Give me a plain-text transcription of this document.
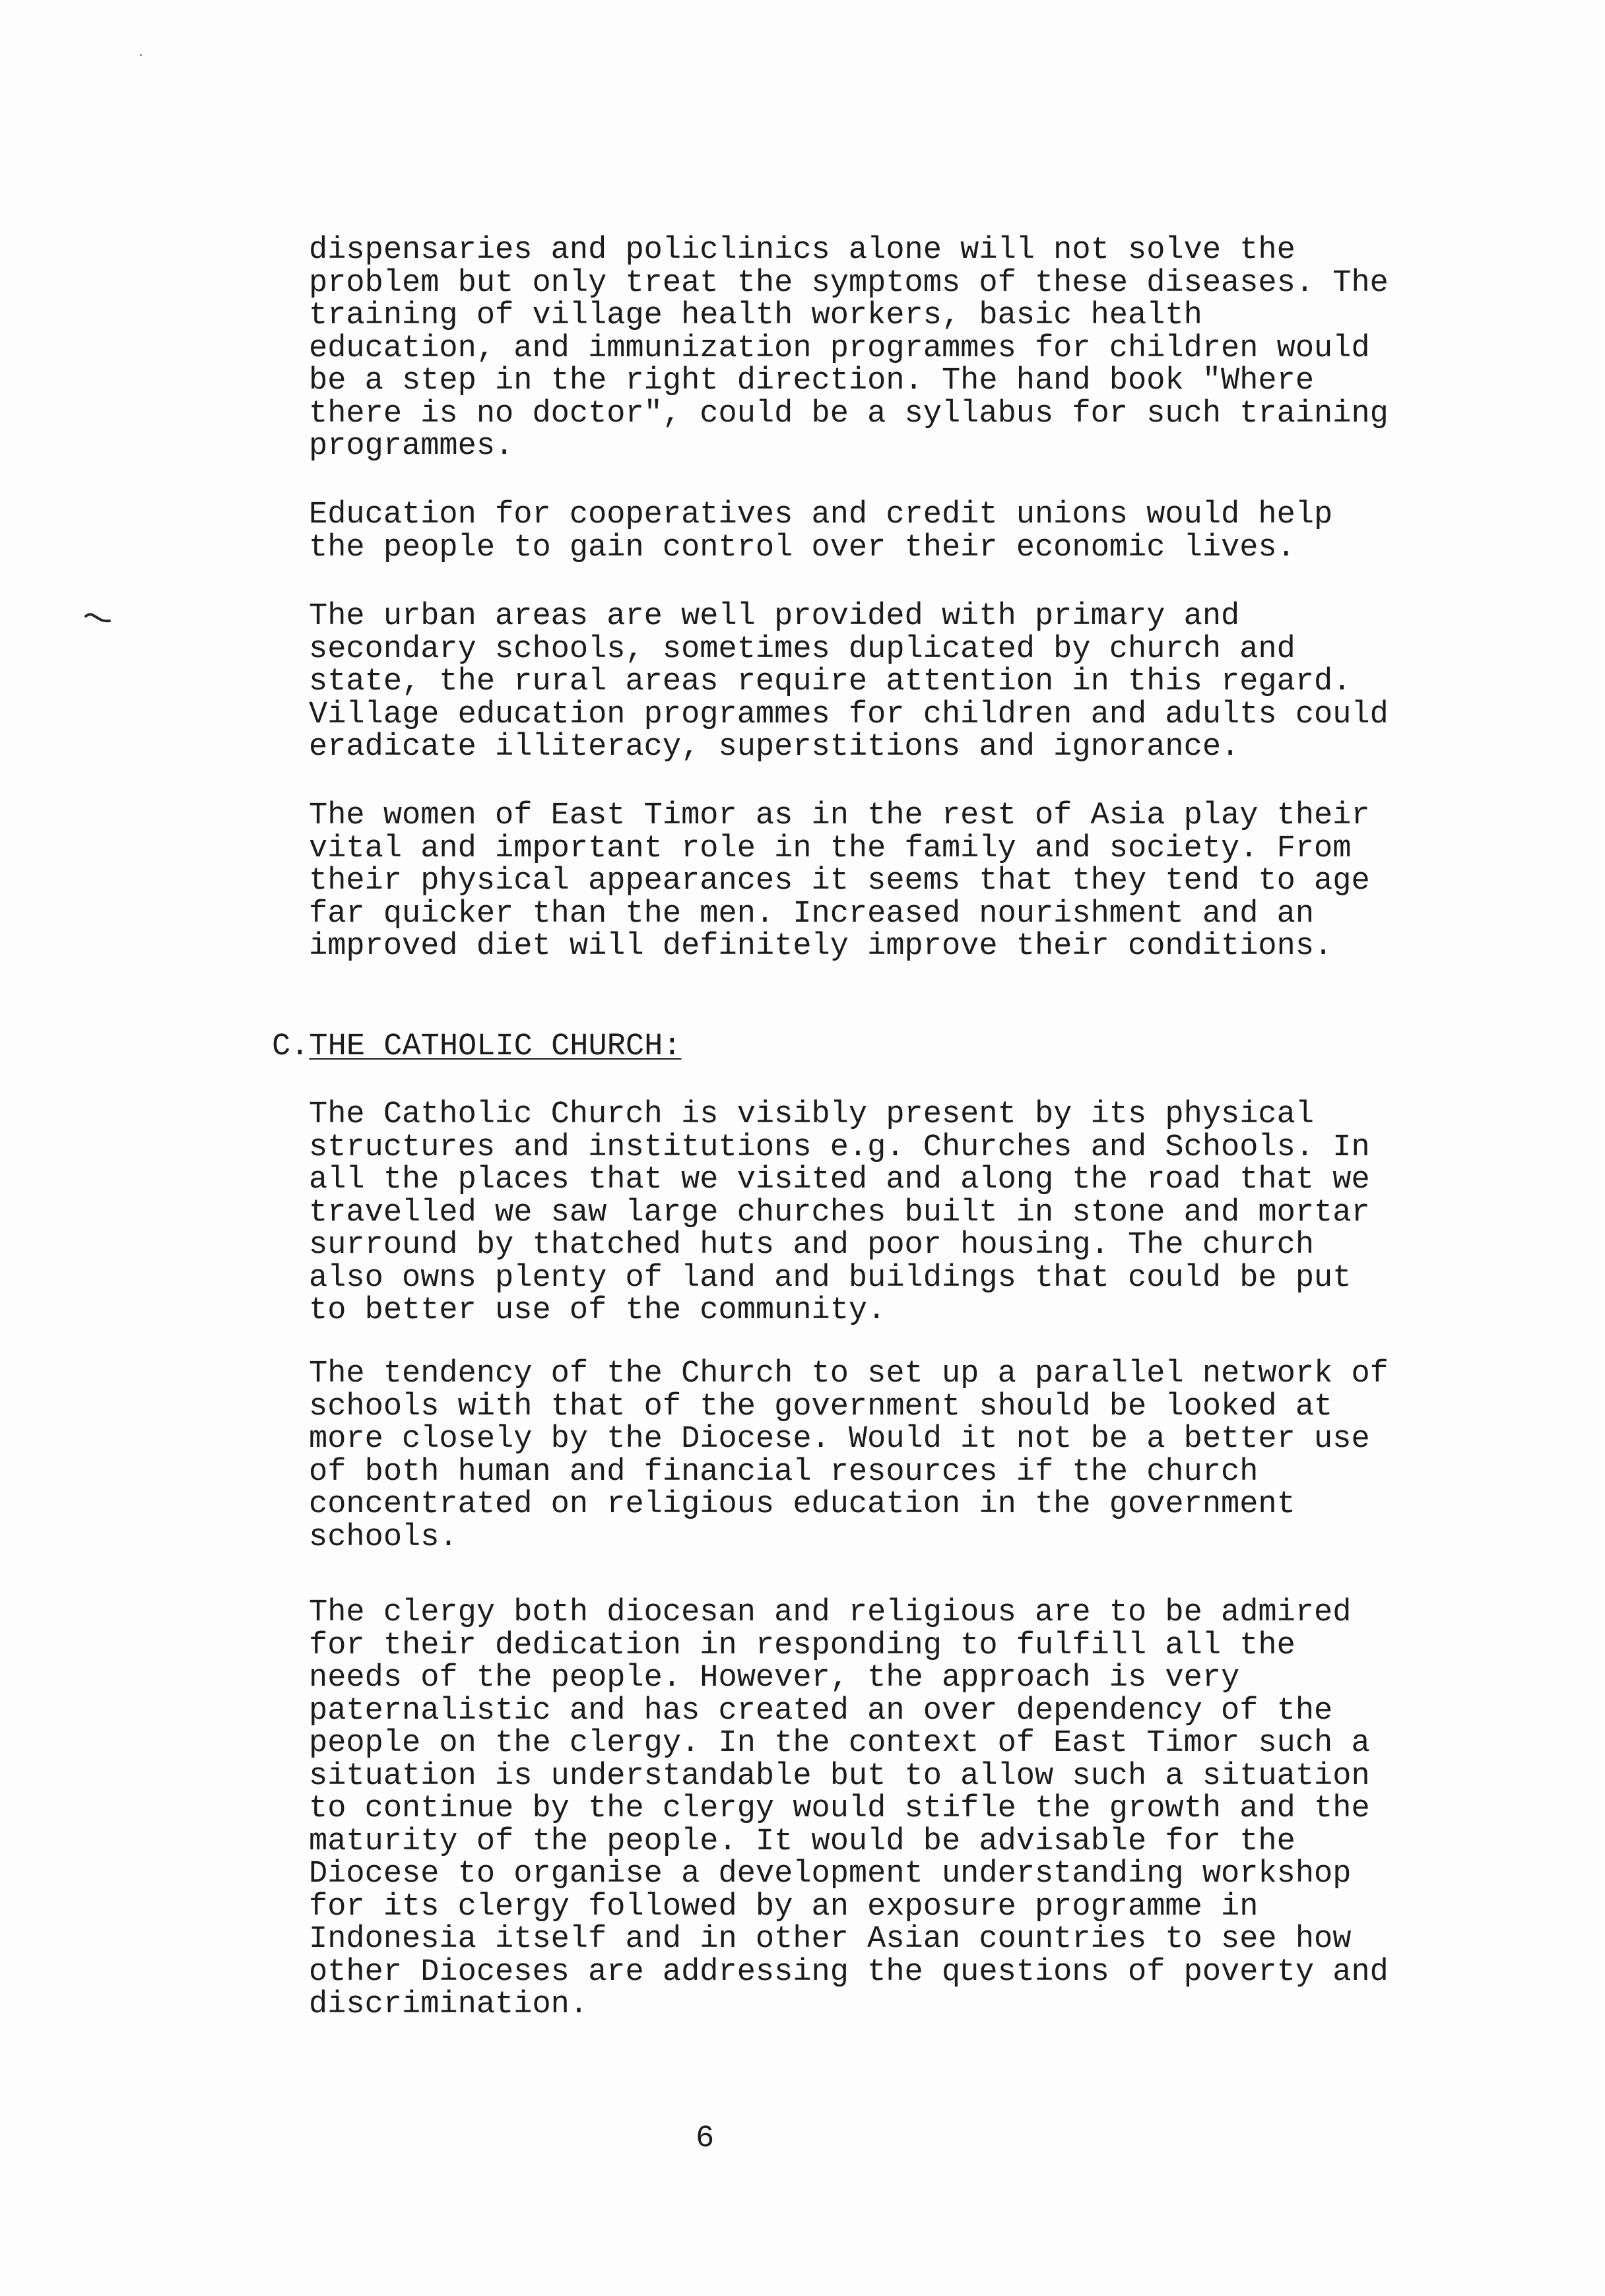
dispensaries and policlinics alone will not solve the
problem but only treat the symptoms of these diseases. The
training of village health workers, basic health
education, and immunization programmes for children would
be a step in the right direction. The hand book "Where
there is no doctor", could be a syllabus for such training
programmes.
Education for cooperatives and credit unions would help
the people to gain control over their economic lives.
The urban areas are well provided with primary and
secondary schools, sometimes duplicated by church and
state, the rural areas require attention in this regard.
Village education programmes for children and adults could
eradicate illiteracy, superstitions and ignorance.
The women of East Timor as in the rest of Asia play their
vital and important role in the family and society. From
their physical appearances it seems that they tend to age
far quicker than the men. Increased nourishment and an
improved diet will definitely improve their conditions.
C.THE CATHOLIC CHURCH:
The Catholic Church is visibly present by its physical
structures and institutions e.g. Churches and Schools. In
all the places that we visited and along the road that we
travelled we saw large churches built in stone and mortar
surround by thatched huts and poor housing. The church
also owns plenty of land and buildings that could be put
to better use of the community.
The tendency of the Church to set up a parallel network of
schools with that of the government should be looked at
more closely by the Diocese. Would it not be a better use
of both human and financial resources if the church
concentrated on religious education in the government
schools.
The clergy both diocesan and religious are to be admired
for their dedication in responding to fulfill all the
needs of the people. However, the approach is very
paternalistic and has created an over dependency of the
people on the clergy. In the context of East Timor such a
situation is understandable but to allow such a situation
to continue by the clergy would stifle the growth and the
maturity of the people. It would be advisable for the
Diocese to organise a development understanding workshop
for its clergy followed by an exposure programme in
Indonesia itself and in other Asian countries to see how
other Dioceses are addressing the questions of poverty and
discrimination.
6
